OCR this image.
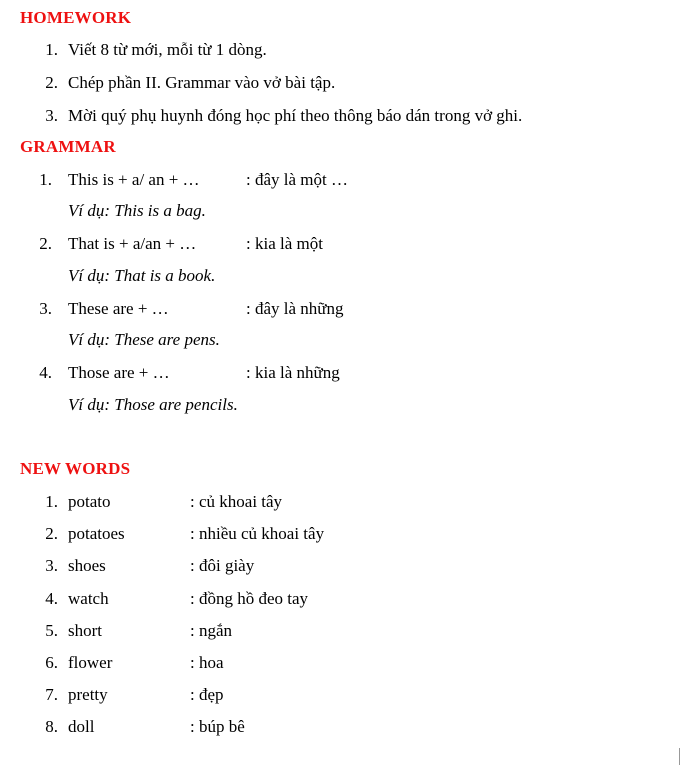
HOMEWORK
1. Viết 8 từ mới, mỗi từ 1 dòng.
2. Chép phần II. Grammar vào vở bài tập.
3. Mời quý phụ huynh đóng học phí theo thông báo dán trong vở ghi.
GRAMMAR
1. This is + a/ an + …	: đây là một …
Ví dụ: This is a bag.
2. That is + a/an + …	: kia là một
Ví dụ: That is a book.
3. These are + …	: đây là những
Ví dụ: These are pens.
4. Those are + …	: kia là những
Ví dụ: Those are pencils.
NEW WORDS
1. potato	: củ khoai tây
2. potatoes	: nhiều củ khoai tây
3. shoes	: đôi giày
4. watch	: đồng hồ đeo tay
5. short	: ngắn
6. flower	: hoa
7. pretty	: đẹp
8. doll	: búp bê
